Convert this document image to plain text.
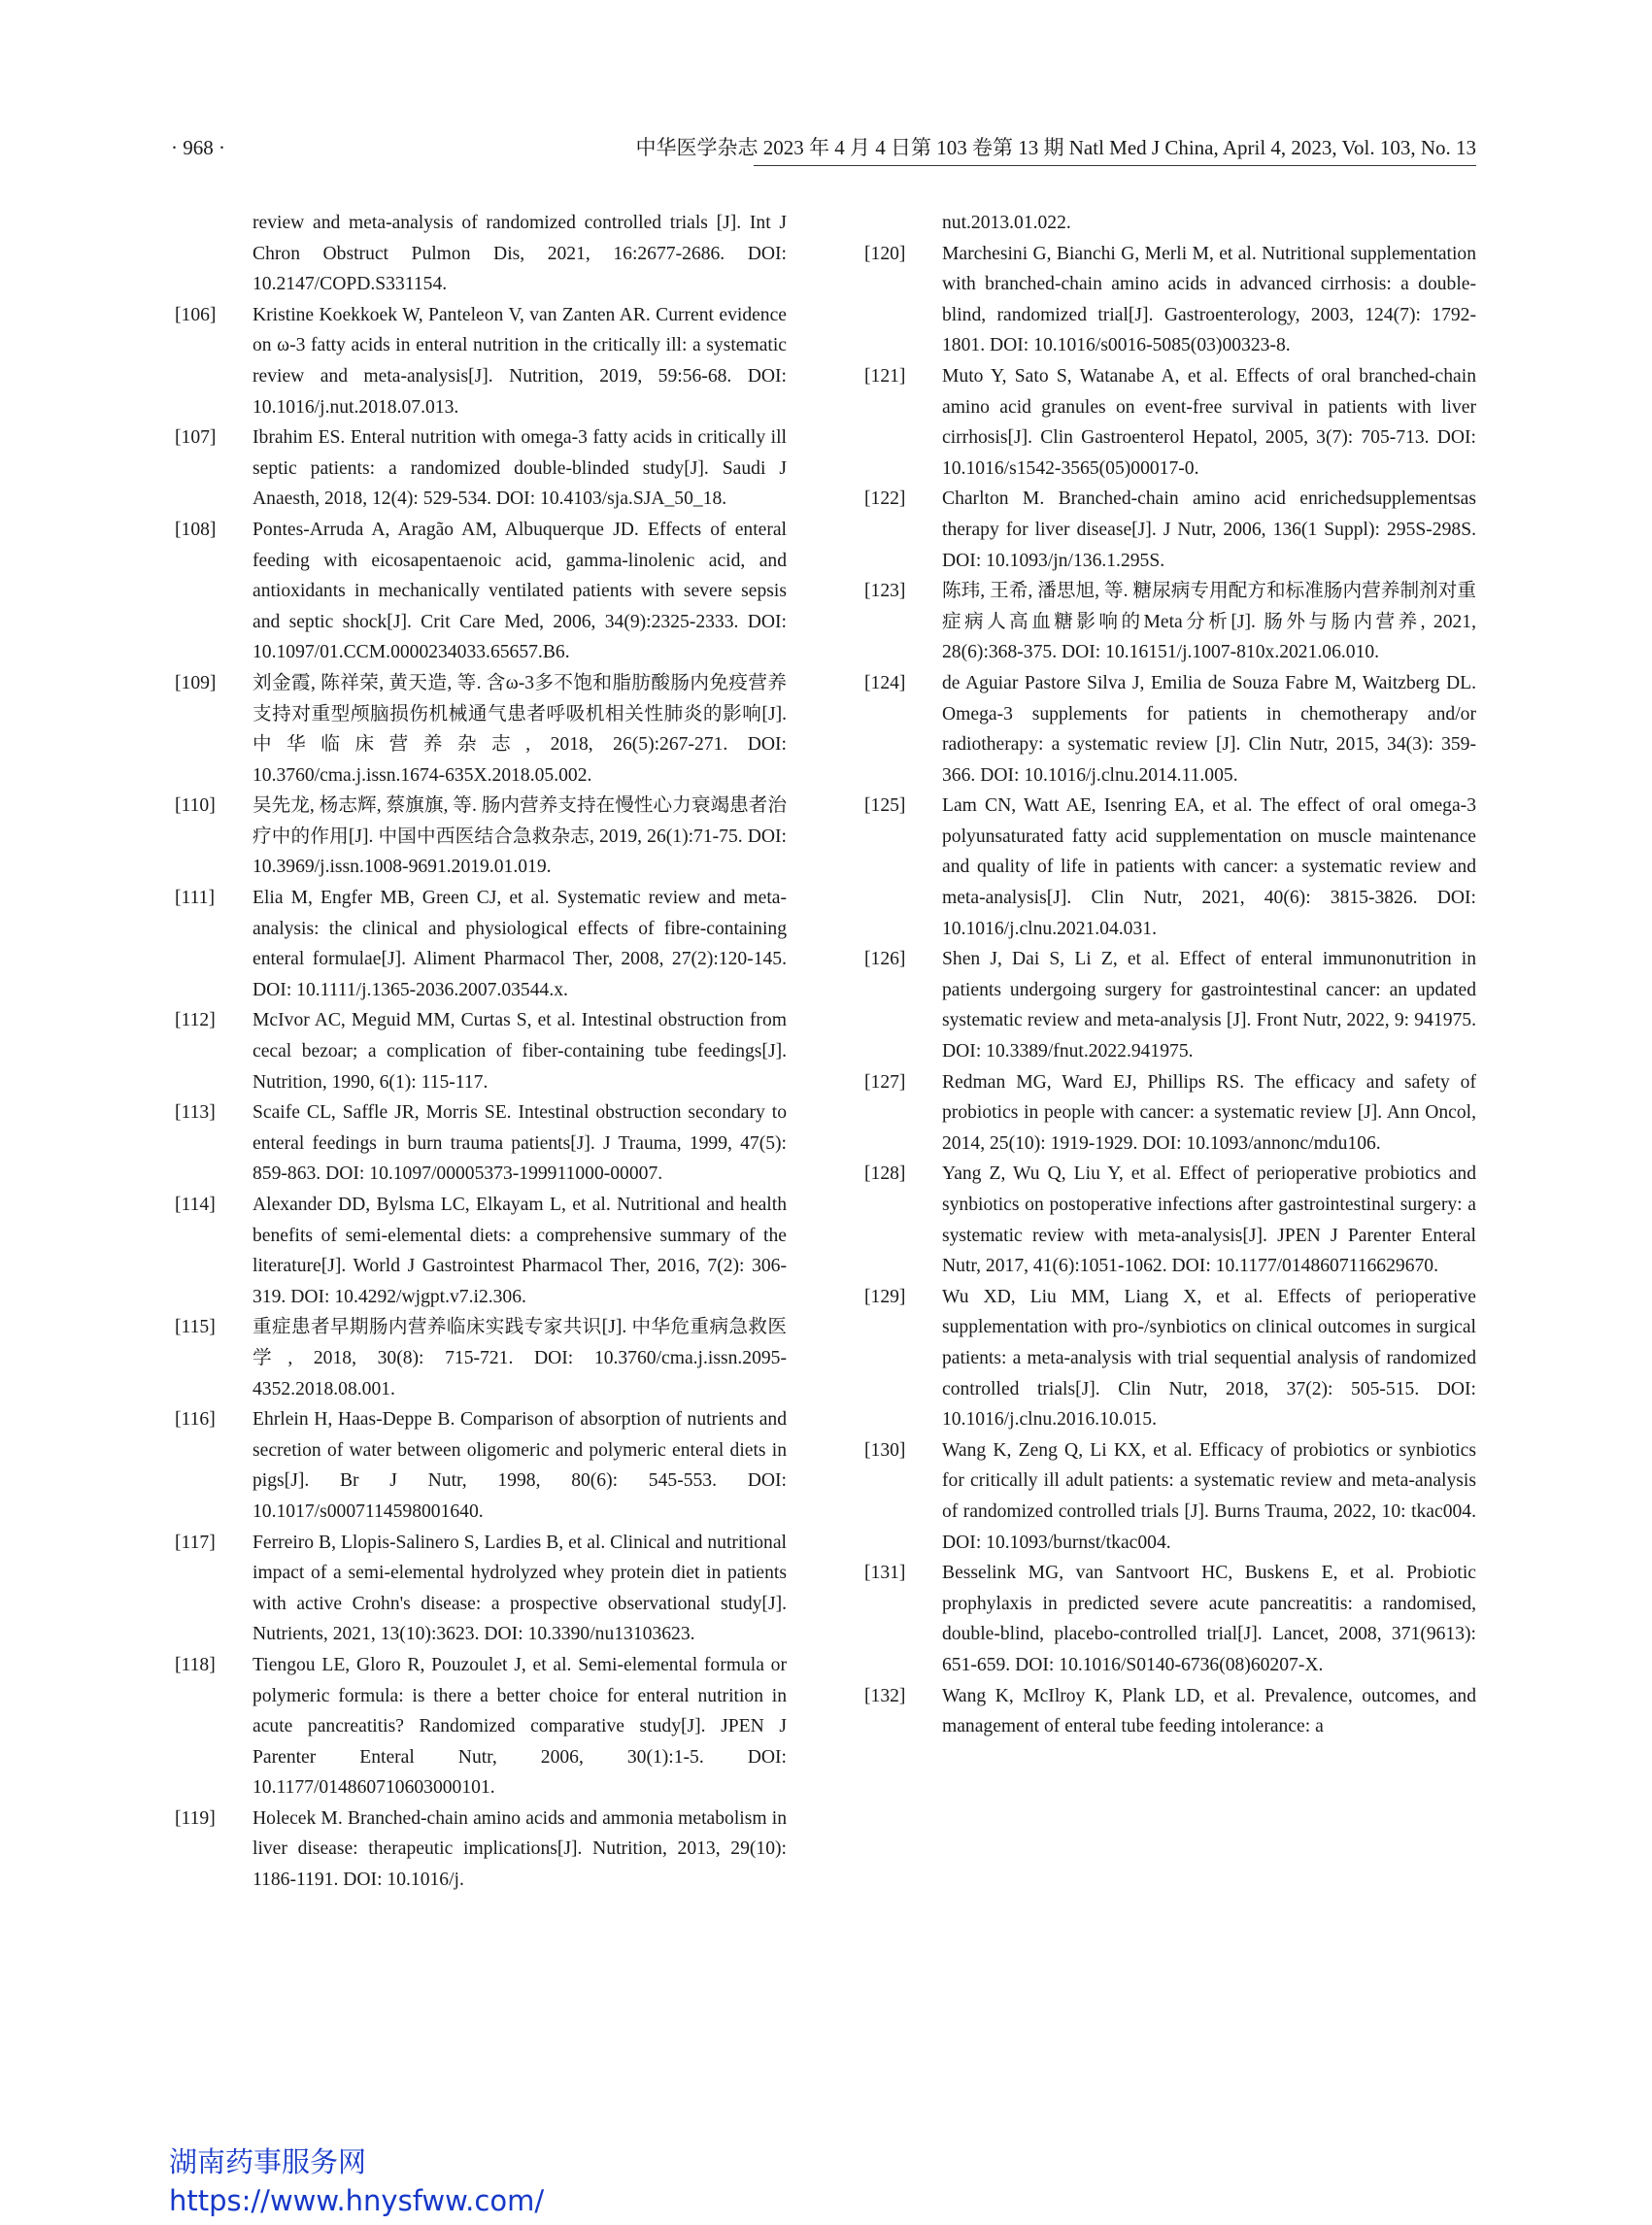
· 968 ·	中华医学杂志 2023 年 4 月 4 日第 103 卷第 13 期 Natl Med J China, April 4, 2023, Vol. 103, No. 13
review and meta-analysis of randomized controlled trials [J]. Int J Chron Obstruct Pulmon Dis, 2021, 16:2677-2686. DOI: 10.2147/COPD.S331154.
[106] Kristine Koekkoek W, Panteleon V, van Zanten AR. Current evidence on ω-3 fatty acids in enteral nutrition in the critically ill: a systematic review and meta-analysis[J]. Nutrition, 2019, 59:56-68. DOI: 10.1016/j.nut.2018.07.013.
[107] Ibrahim ES. Enteral nutrition with omega-3 fatty acids in critically ill septic patients: a randomized double-blinded study[J]. Saudi J Anaesth, 2018, 12(4): 529-534. DOI: 10.4103/sja.SJA_50_18.
[108] Pontes-Arruda A, Aragão AM, Albuquerque JD. Effects of enteral feeding with eicosapentaenoic acid, gamma-linolenic acid, and antioxidants in mechanically ventilated patients with severe sepsis and septic shock[J]. Crit Care Med, 2006, 34(9):2325-2333. DOI: 10.1097/01.CCM.0000234033.65657.B6.
[109] 刘金霞, 陈祥荣, 黄天造, 等. 含ω-3多不饱和脂肪酸肠内免疫营养支持对重型颅脑损伤机械通气患者呼吸机相关性肺炎的影响[J]. 中华临床营养杂志, 2018, 26(5):267-271. DOI: 10.3760/cma.j.issn.1674-635X.2018.05.002.
[110] 吴先龙, 杨志辉, 蔡旗旗, 等. 肠内营养支持在慢性心力衰竭患者治疗中的作用[J]. 中国中西医结合急救杂志, 2019, 26(1):71-75. DOI: 10.3969/j.issn.1008-9691.2019.01.019.
[111] Elia M, Engfer MB, Green CJ, et al. Systematic review and meta-analysis: the clinical and physiological effects of fibre-containing enteral formulae[J]. Aliment Pharmacol Ther, 2008, 27(2):120-145. DOI: 10.1111/j.1365-2036.2007.03544.x.
[112] McIvor AC, Meguid MM, Curtas S, et al. Intestinal obstruction from cecal bezoar; a complication of fiber-containing tube feedings[J]. Nutrition, 1990, 6(1): 115-117.
[113] Scaife CL, Saffle JR, Morris SE. Intestinal obstruction secondary to enteral feedings in burn trauma patients[J]. J Trauma, 1999, 47(5): 859-863. DOI: 10.1097/00005373-199911000-00007.
[114] Alexander DD, Bylsma LC, Elkayam L, et al. Nutritional and health benefits of semi-elemental diets: a comprehensive summary of the literature[J]. World J Gastrointest Pharmacol Ther, 2016, 7(2): 306-319. DOI: 10.4292/wjgpt.v7.i2.306.
[115] 重症患者早期肠内营养临床实践专家共识[J]. 中华危重病急救医学, 2018, 30(8): 715-721. DOI: 10.3760/cma.j.issn.2095-4352.2018.08.001.
[116] Ehrlein H, Haas-Deppe B. Comparison of absorption of nutrients and secretion of water between oligomeric and polymeric enteral diets in pigs[J]. Br J Nutr, 1998, 80(6): 545-553. DOI: 10.1017/s0007114598001640.
[117] Ferreiro B, Llopis-Salinero S, Lardies B, et al. Clinical and nutritional impact of a semi-elemental hydrolyzed whey protein diet in patients with active Crohn's disease: a prospective observational study[J]. Nutrients, 2021, 13(10):3623. DOI: 10.3390/nu13103623.
[118] Tiengou LE, Gloro R, Pouzoulet J, et al. Semi-elemental formula or polymeric formula: is there a better choice for enteral nutrition in acute pancreatitis? Randomized comparative study[J]. JPEN J Parenter Enteral Nutr, 2006, 30(1):1-5. DOI: 10.1177/014860710603000101.
[119] Holecek M. Branched-chain amino acids and ammonia metabolism in liver disease: therapeutic implications[J]. Nutrition, 2013, 29(10): 1186-1191. DOI: 10.1016/j.
nut.2013.01.022.
[120] Marchesini G, Bianchi G, Merli M, et al. Nutritional supplementation with branched-chain amino acids in advanced cirrhosis: a double-blind, randomized trial[J]. Gastroenterology, 2003, 124(7): 1792-1801. DOI: 10.1016/s0016-5085(03)00323-8.
[121] Muto Y, Sato S, Watanabe A, et al. Effects of oral branched-chain amino acid granules on event-free survival in patients with liver cirrhosis[J]. Clin Gastroenterol Hepatol, 2005, 3(7): 705-713. DOI: 10.1016/s1542-3565(05)00017-0.
[122] Charlton M. Branched-chain amino acid enrichedsupplementsas therapy for liver disease[J]. J Nutr, 2006, 136(1 Suppl): 295S-298S. DOI: 10.1093/jn/136.1.295S.
[123] 陈玮, 王希, 潘思旭, 等. 糖尿病专用配方和标准肠内营养制剂对重症病人高血糖影响的Meta分析[J]. 肠外与肠内营养, 2021, 28(6):368-375. DOI: 10.16151/j.1007-810x.2021.06.010.
[124] de Aguiar Pastore Silva J, Emilia de Souza Fabre M, Waitzberg DL. Omega-3 supplements for patients in chemotherapy and/or radiotherapy: a systematic review [J]. Clin Nutr, 2015, 34(3): 359-366. DOI: 10.1016/j.clnu.2014.11.005.
[125] Lam CN, Watt AE, Isenring EA, et al. The effect of oral omega-3 polyunsaturated fatty acid supplementation on muscle maintenance and quality of life in patients with cancer: a systematic review and meta-analysis[J]. Clin Nutr, 2021, 40(6): 3815-3826. DOI: 10.1016/j.clnu.2021.04.031.
[126] Shen J, Dai S, Li Z, et al. Effect of enteral immunonutrition in patients undergoing surgery for gastrointestinal cancer: an updated systematic review and meta-analysis [J]. Front Nutr, 2022, 9: 941975. DOI: 10.3389/fnut.2022.941975.
[127] Redman MG, Ward EJ, Phillips RS. The efficacy and safety of probiotics in people with cancer: a systematic review [J]. Ann Oncol, 2014, 25(10): 1919-1929. DOI: 10.1093/annonc/mdu106.
[128] Yang Z, Wu Q, Liu Y, et al. Effect of perioperative probiotics and synbiotics on postoperative infections after gastrointestinal surgery: a systematic review with meta-analysis[J]. JPEN J Parenter Enteral Nutr, 2017, 41(6):1051-1062. DOI: 10.1177/0148607116629670.
[129] Wu XD, Liu MM, Liang X, et al. Effects of perioperative supplementation with pro-/synbiotics on clinical outcomes in surgical patients: a meta-analysis with trial sequential analysis of randomized controlled trials[J]. Clin Nutr, 2018, 37(2): 505-515. DOI: 10.1016/j.clnu.2016.10.015.
[130] Wang K, Zeng Q, Li KX, et al. Efficacy of probiotics or synbiotics for critically ill adult patients: a systematic review and meta-analysis of randomized controlled trials [J]. Burns Trauma, 2022, 10: tkac004. DOI: 10.1093/burnst/tkac004.
[131] Besselink MG, van Santvoort HC, Buskens E, et al. Probiotic prophylaxis in predicted severe acute pancreatitis: a randomised, double-blind, placebo-controlled trial[J]. Lancet, 2008, 371(9613): 651-659. DOI: 10.1016/S0140-6736(08)60207-X.
[132] Wang K, McIlroy K, Plank LD, et al. Prevalence, outcomes, and management of enteral tube feeding intolerance: a
湖南药事服务网
https://www.hnysfww.com/
